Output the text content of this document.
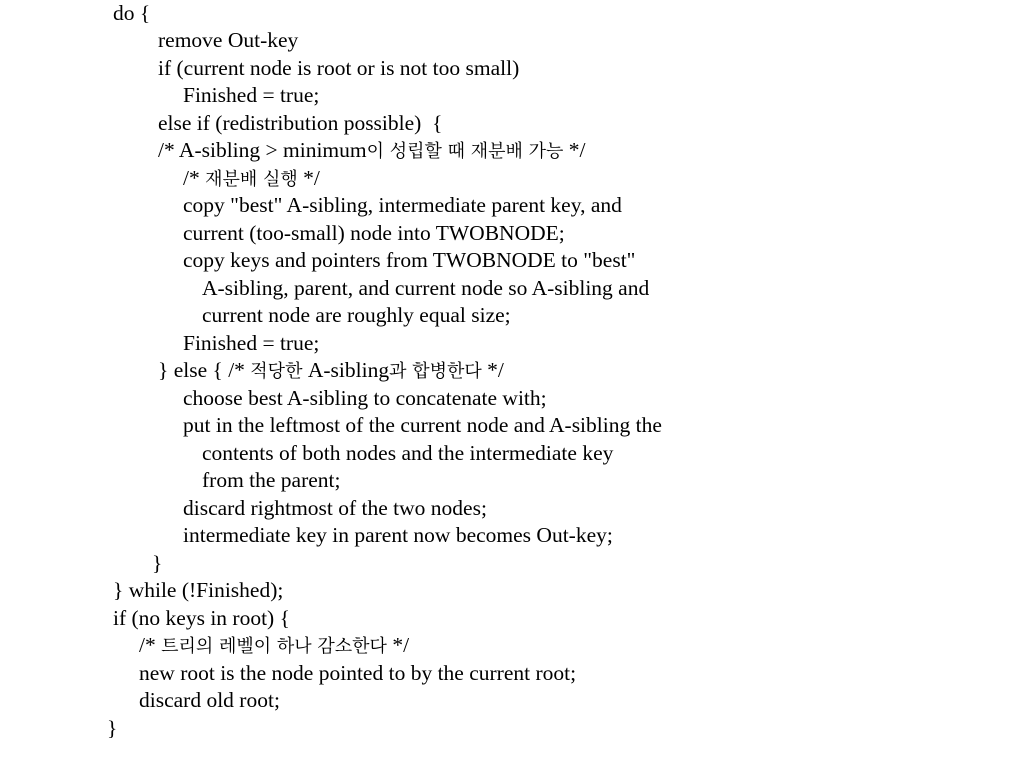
do {
remove Out-key
if (current node is root or is not too small)
Finished = true;
else if (redistribution possible)  {
/* A-sibling > minimum이 성립할 때 재분배 가능 */
/* 재분배 실행 */
copy "best" A-sibling, intermediate parent key, and
current (too-small) node into TWOBNODE;
copy keys and pointers from TWOBNODE to "best"
A-sibling, parent, and current node so A-sibling and
current node are roughly equal size;
Finished = true;
} else { /* 적당한 A-sibling과 합병한다 */
choose best A-sibling to concatenate with;
put in the leftmost of the current node and A-sibling the
contents of both nodes and the intermediate key
from the parent;
discard rightmost of the two nodes;
intermediate key in parent now becomes Out-key;
}
} while (!Finished);
if (no keys in root) {
/* 트리의 레벨이 하나 감소한다 */
new root is the node pointed to by the current root;
discard old root;
}
